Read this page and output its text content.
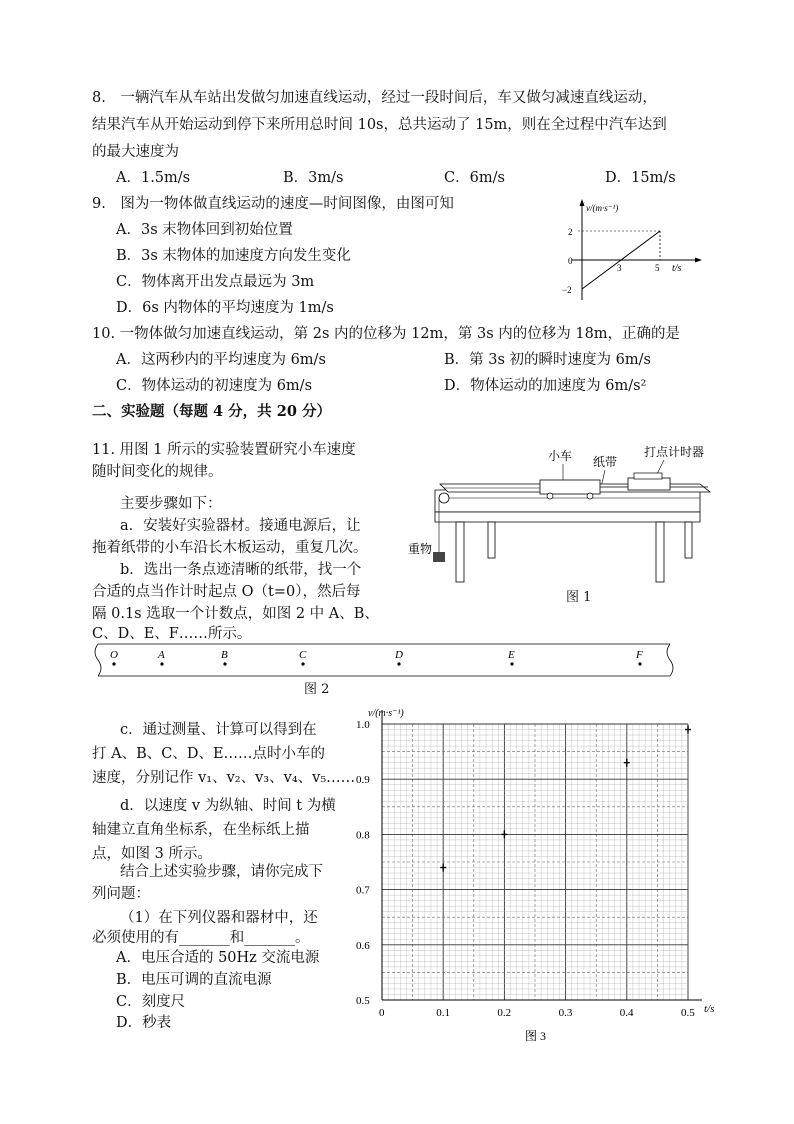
8.　一辆汽车从车站出发做匀加速直线运动，经过一段时间后，车又做匀减速直线运动，
结果汽车从开始运动到停下来所用总时间 10s，总共运动了 15m，则在全过程中汽车达到
的最大速度为
A．1.5m/s	B．3m/s	C．6m/s	D．15m/s
9.　图为一物体做直线运动的速度—时间图像，由图可知
A．3s 末物体回到初始位置
B．3s 末物体的加速度方向发生变化
C．物体离开出发点最远为 3m
D．6s 内物体的平均速度为 1m/s
v/(m·s⁻¹)
t/s
2
0
−2
3	5
10. 一物体做匀加速直线运动，第 2s 内的位移为 12m，第 3s 内的位移为 18m，正确的是
A．这两秒内的平均速度为 6m/s	B．第 3s 初的瞬时速度为 6m/s
C．物体运动的初速度为 6m/s	D．物体运动的加速度为 6m/s²
二、实验题（每题 4 分，共 20 分）
11. 用图 1 所示的实验装置研究小车速度
随时间变化的规律。
主要步骤如下：
a．安装好实验器材。接通电源后，让
拖着纸带的小车沿长木板运动，重复几次。
b．选出一条点迹清晰的纸带，找一个
合适的点当作计时起点 O（t=0），然后每
隔 0.1s 选取一个计数点，如图 2 中 A、B、
C、D、E、F……所示。
小车 纸带
打点计时器
重物
图 1
O	A	B	C	D	E	F
图 2
c．通过测量、计算可以得到在
打 A、B、C、D、E……点时小车的
速度，分别记作 v₁、v₂、v₃、v₄、v₅……
d．以速度 v 为纵轴、时间 t 为横
轴建立直角坐标系，在坐标纸上描
点，如图 3 所示。
结合上述实验步骤，请你完成下
列问题：
（1）在下列仪器和器材中，还
必须使用的有_______和_______。
A．电压合适的 50Hz 交流电源
B．电压可调的直流电源
C．刻度尺
D．秒表
0	0.1	0.2	0.3	0.4	0.5
0.5
0.6
0.7
0.8
0.9
1.0
v/(m·s⁻¹)
t/s
图 3
